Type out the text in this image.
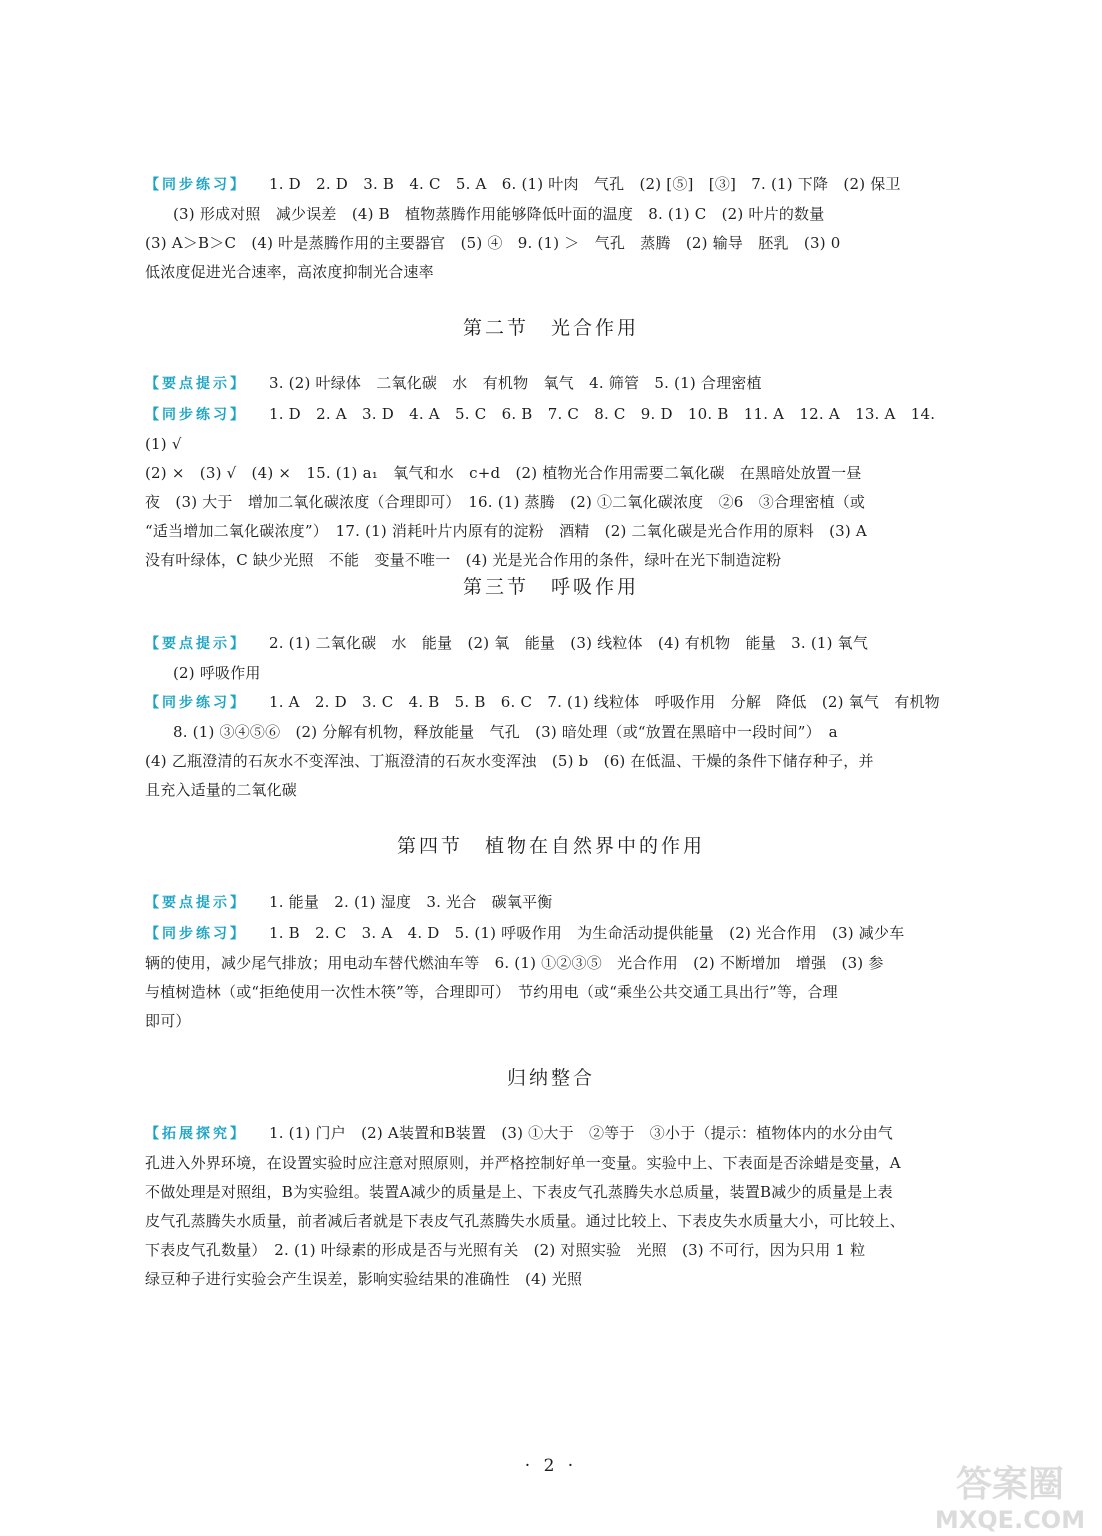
【同步练习】 1. D　2. D　3. B　4. C　5. A　6. (1) 叶肉　气孔　(2) [⑤]　[③]　7. (1) 下降　(2) 保卫
(3) 形成对照　减少误差　(4) B　植物蒸腾作用能够降低叶面的温度　8. (1) C　(2) 叶片的数量
(3) A＞B＞C　(4) 叶是蒸腾作用的主要器官　(5) ④　9. (1) ＞　气孔　蒸腾　(2) 输导　胚乳　(3) 0
低浓度促进光合速率，高浓度抑制光合速率
第二节　光合作用
【要点提示】 3. (2) 叶绿体　二氧化碳　水　有机物　氧气　4. 筛管　5. (1) 合理密植
【同步练习】 1. D　2. A　3. D　4. A　5. C　6. B　7. C　8. C　9. D　10. B　11. A　12. A　13. A　14. (1) √
(2) ×　(3) √　(4) ×　15. (1) a₁　氧气和水　c+d　(2) 植物光合作用需要二氧化碳　在黑暗处放置一昼
夜　(3) 大于　增加二氧化碳浓度（合理即可）　16. (1) 蒸腾　(2) ①二氧化碳浓度　②6　③合理密植（或
“适当增加二氧化碳浓度”）　17. (1) 消耗叶片内原有的淀粉　酒精　(2) 二氧化碳是光合作用的原料　(3) A
没有叶绿体，C 缺少光照　不能　变量不唯一　(4) 光是光合作用的条件，绿叶在光下制造淀粉
第三节　呼吸作用
【要点提示】 2. (1) 二氧化碳　水　能量　(2) 氧　能量　(3) 线粒体　(4) 有机物　能量　3. (1) 氧气
(2) 呼吸作用
【同步练习】 1. A　2. D　3. C　4. B　5. B　6. C　7. (1) 线粒体　呼吸作用　分解　降低　(2) 氧气　有机物
8. (1) ③④⑤⑥　(2) 分解有机物，释放能量　气孔　(3) 暗处理（或“放置在黑暗中一段时间”）　a
(4) 乙瓶澄清的石灰水不变浑浊、丁瓶澄清的石灰水变浑浊　(5) b　(6) 在低温、干燥的条件下储存种子，并
且充入适量的二氧化碳
第四节　植物在自然界中的作用
【要点提示】 1. 能量　2. (1) 湿度　3. 光合　碳氧平衡
【同步练习】 1. B　2. C　3. A　4. D　5. (1) 呼吸作用　为生命活动提供能量　(2) 光合作用　(3) 减少车
辆的使用，减少尾气排放；用电动车替代燃油车等　6. (1) ①②③⑤　光合作用　(2) 不断增加　增强　(3) 参
与植树造林（或“拒绝使用一次性木筷”等，合理即可）　节约用电（或“乘坐公共交通工具出行”等，合理
即可）
归纳整合
【拓展探究】 1. (1) 门户　(2) A装置和B装置　(3) ①大于　②等于　③小于（提示：植物体内的水分由气
孔进入外界环境，在设置实验时应注意对照原则，并严格控制好单一变量。实验中上、下表面是否涂蜡是变量，A
不做处理是对照组，B为实验组。装置A减少的质量是上、下表皮气孔蒸腾失水总质量，装置B减少的质量是上表
皮气孔蒸腾失水质量，前者减后者就是下表皮气孔蒸腾失水质量。通过比较上、下表皮失水质量大小，可比较上、
下表皮气孔数量）　2. (1) 叶绿素的形成是否与光照有关　(2) 对照实验　光照　(3) 不可行，因为只用 1 粒
绿豆种子进行实验会产生误差，影响实验结果的准确性　(4) 光照
· 2 ·	答案圈
MXQE.COM
